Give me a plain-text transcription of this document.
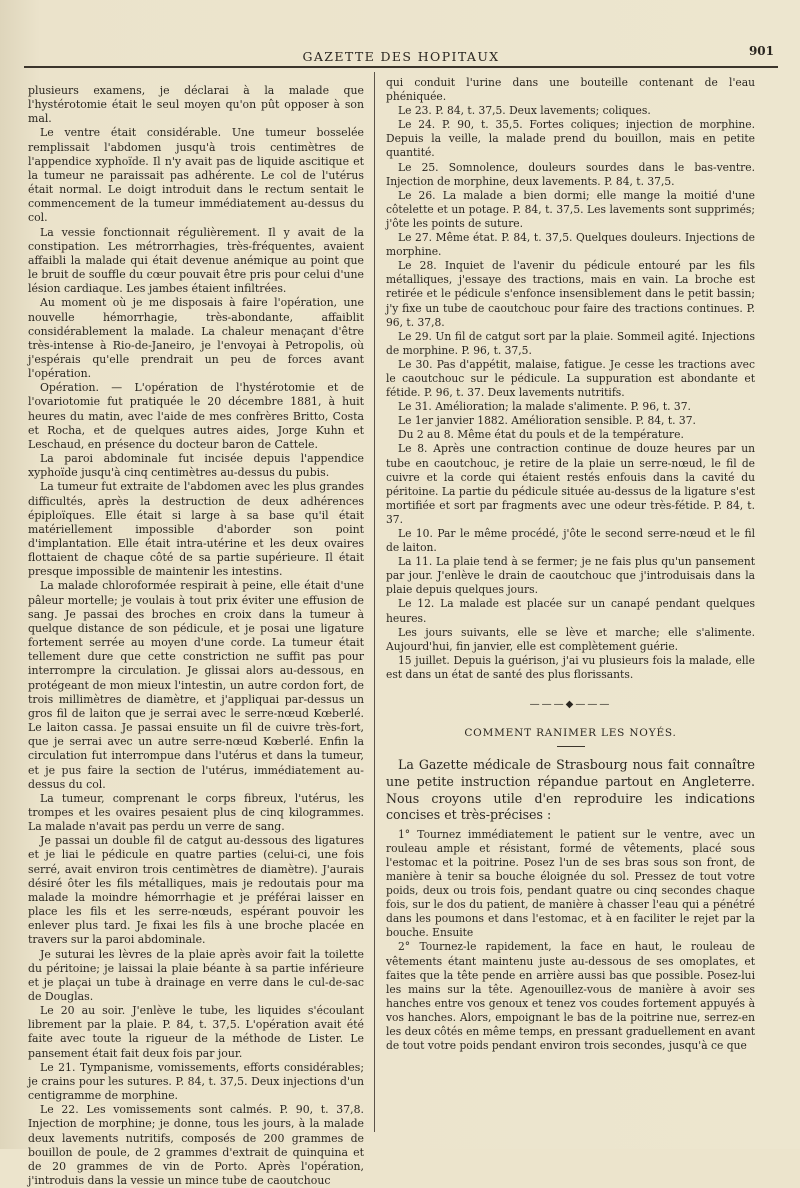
GAZETTE DES HOPITAUX	901

plusieurs examens, je déclarai à la malade que l'hystérotomie était le seul moyen qu'on pût opposer à son mal.

Le ventre était considérable. Une tumeur bosselée remplissait l'abdomen jusqu'à trois centimètres de l'appendice xyphoïde. Il n'y avait pas de liquide ascitique et la tumeur ne paraissait pas adhérente. Le col de l'utérus était normal. Le doigt introduit dans le rectum sentait le commencement de la tumeur immédiatement au-dessus du col.

La vessie fonctionnait régulièrement. Il y avait de la constipation. Les métrorrhagies, très-fréquentes, avaient affaibli la malade qui était devenue anémique au point que le bruit de souffle du cœur pouvait être pris pour celui d'une lésion cardiaque. Les jambes étaient infiltrées.

Au moment où je me disposais à faire l'opération, une nouvelle hémorrhagie, très-abondante, affaiblit considérablement la malade. La chaleur menaçant d'être très-intense à Rio-de-Janeiro, je l'envoyai à Petropolis, où j'espérais qu'elle prendrait un peu de forces avant l'opération.

Opération. — L'opération de l'hystérotomie et de l'ovariotomie fut pratiquée le 20 décembre 1881, à huit heures du matin, avec l'aide de mes confrères Britto, Costa et Rocha, et de quelques autres aides, Jorge Kuhn et Leschaud, en présence du docteur baron de Cattele.

La paroi abdominale fut incisée depuis l'appendice xyphoïde jusqu'à cinq centimètres au-dessus du pubis.

La tumeur fut extraite de l'abdomen avec les plus grandes difficultés, après la destruction de deux adhérences épiploïques. Elle était si large à sa base qu'il était matériellement impossible d'aborder son point d'implantation. Elle était intra-utérine et les deux ovaires flottaient de chaque côté de sa partie supérieure. Il était presque impossible de maintenir les intestins.

La malade chloroformée respirait à peine, elle était d'une pâleur mortelle; je voulais à tout prix éviter une effusion de sang. Je passai des broches en croix dans la tumeur à quelque distance de son pédicule, et je posai une ligature fortement serrée au moyen d'une corde. La tumeur était tellement dure que cette constriction ne suffit pas pour interrompre la circulation. Je glissai alors au-dessous, en protégeant de mon mieux l'intestin, un autre cordon fort, de trois millimètres de diamètre, et j'appliquai par-dessus un gros fil de laiton que je serrai avec le serre-nœud Kœberlé. Le laiton cassa. Je passai ensuite un fil de cuivre très-fort, que je serrai avec un autre serre-nœud Kœberlé. Enfin la circulation fut interrompue dans l'utérus et dans la tumeur, et je pus faire la section de l'utérus, immédiatement au-dessus du col.

La tumeur, comprenant le corps fibreux, l'utérus, les trompes et les ovaires pesaient plus de cinq kilogrammes. La malade n'avait pas perdu un verre de sang.

Je passai un double fil de catgut au-dessous des ligatures et je liai le pédicule en quatre parties (celui-ci, une fois serré, avait environ trois centimètres de diamètre). J'aurais désiré ôter les fils métalliques, mais je redoutais pour ma malade la moindre hémorrhagie et je préférai laisser en place les fils et les serre-nœuds, espérant pouvoir les enlever plus tard. Je fixai les fils à une broche placée en travers sur la paroi abdominale.

Je suturai les lèvres de la plaie après avoir fait la toilette du péritoine; je laissai la plaie béante à sa partie inférieure et je plaçai un tube à drainage en verre dans le cul-de-sac de Douglas.

Le 20 au soir. J'enlève le tube, les liquides s'écoulant librement par la plaie. P. 84, t. 37,5. L'opération avait été faite avec toute la rigueur de la méthode de Lister. Le pansement était fait deux fois par jour.

Le 21. Tympanisme, vomissements, efforts considérables; je crains pour les sutures. P. 84, t. 37,5. Deux injections d'un centigramme de morphine.

Le 22. Les vomissements sont calmés. P. 90, t. 37,8. Injection de morphine; je donne, tous les jours, à la malade deux lavements nutritifs, composés de 200 grammes de bouillon de poule, de 2 grammes d'extrait de quinquina et de 20 grammes de vin de Porto. Après l'opération, j'introduis dans la vessie un mince tube de caoutchouc

qui conduit l'urine dans une bouteille contenant de l'eau phéniquée.

Le 23. P. 84, t. 37,5. Deux lavements; coliques.

Le 24. P. 90, t. 35,5. Fortes coliques; injection de morphine. Depuis la veille, la malade prend du bouillon, mais en petite quantité.

Le 25. Somnolence, douleurs sourdes dans le bas-ventre. Injection de morphine, deux lavements. P. 84, t. 37,5.

Le 26. La malade a bien dormi; elle mange la moitié d'une côtelette et un potage. P. 84, t. 37,5. Les lavements sont supprimés; j'ôte les points de suture.

Le 27. Même état. P. 84, t. 37,5. Quelques douleurs. Injections de morphine.

Le 28. Inquiet de l'avenir du pédicule entouré par les fils métalliques, j'essaye des tractions, mais en vain. La broche est retirée et le pédicule s'enfonce insensiblement dans le petit bassin; j'y fixe un tube de caoutchouc pour faire des tractions continues. P. 96, t. 37,8.

Le 29. Un fil de catgut sort par la plaie. Sommeil agité. Injections de morphine. P. 96, t. 37,5.

Le 30. Pas d'appétit, malaise, fatigue. Je cesse les tractions avec le caoutchouc sur le pédicule. La suppuration est abondante et fétide. P. 96, t. 37. Deux lavements nutritifs.

Le 31. Amélioration; la malade s'alimente. P. 96, t. 37.

Le 1er janvier 1882. Amélioration sensible. P. 84, t. 37.

Du 2 au 8. Même état du pouls et de la température.

Le 8. Après une contraction continue de douze heures par un tube en caoutchouc, je retire de la plaie un serre-nœud, le fil de cuivre et la corde qui étaient restés enfouis dans la cavité du péritoine. La partie du pédicule située au-dessus de la ligature s'est mortifiée et sort par fragments avec une odeur très-fétide. P. 84, t. 37.

Le 10. Par le même procédé, j'ôte le second serre-nœud et le fil de laiton.

La 11. La plaie tend à se fermer; je ne fais plus qu'un pansement par jour. J'enlève le drain de caoutchouc que j'introduisais dans la plaie depuis quelques jours.

Le 12. La malade est placée sur un canapé pendant quelques heures.

Les jours suivants, elle se lève et marche; elle s'alimente. Aujourd'hui, fin janvier, elle est complètement guérie.

15 juillet. Depuis la guérison, j'ai vu plusieurs fois la malade, elle est dans un état de santé des plus florissants.

———◆———
COMMENT RANIMER LES NOYÉS.

La Gazette médicale de Strasbourg nous fait connaître une petite instruction répandue partout en Angleterre. Nous croyons utile d'en reproduire les indications concises et très-précises :

1° Tournez immédiatement le patient sur le ventre, avec un rouleau ample et résistant, formé de vêtements, placé sous l'estomac et la poitrine. Posez l'un de ses bras sous son front, de manière à tenir sa bouche éloignée du sol. Pressez de tout votre poids, deux ou trois fois, pendant quatre ou cinq secondes chaque fois, sur le dos du patient, de manière à chasser l'eau qui a pénétré dans les poumons et dans l'estomac, et à en faciliter le rejet par la bouche. Ensuite

2° Tournez-le rapidement, la face en haut, le rouleau de vêtements étant maintenu juste au-dessous de ses omoplates, et faites que la tête pende en arrière aussi bas que possible. Posez-lui les mains sur la tête. Agenouillez-vous de manière à avoir ses hanches entre vos genoux et tenez vos coudes fortement appuyés à vos hanches. Alors, empoignant le bas de la poitrine nue, serrez-en les deux côtés en même temps, en pressant graduellement en avant de tout votre poids pendant environ trois secondes, jusqu'à ce que
